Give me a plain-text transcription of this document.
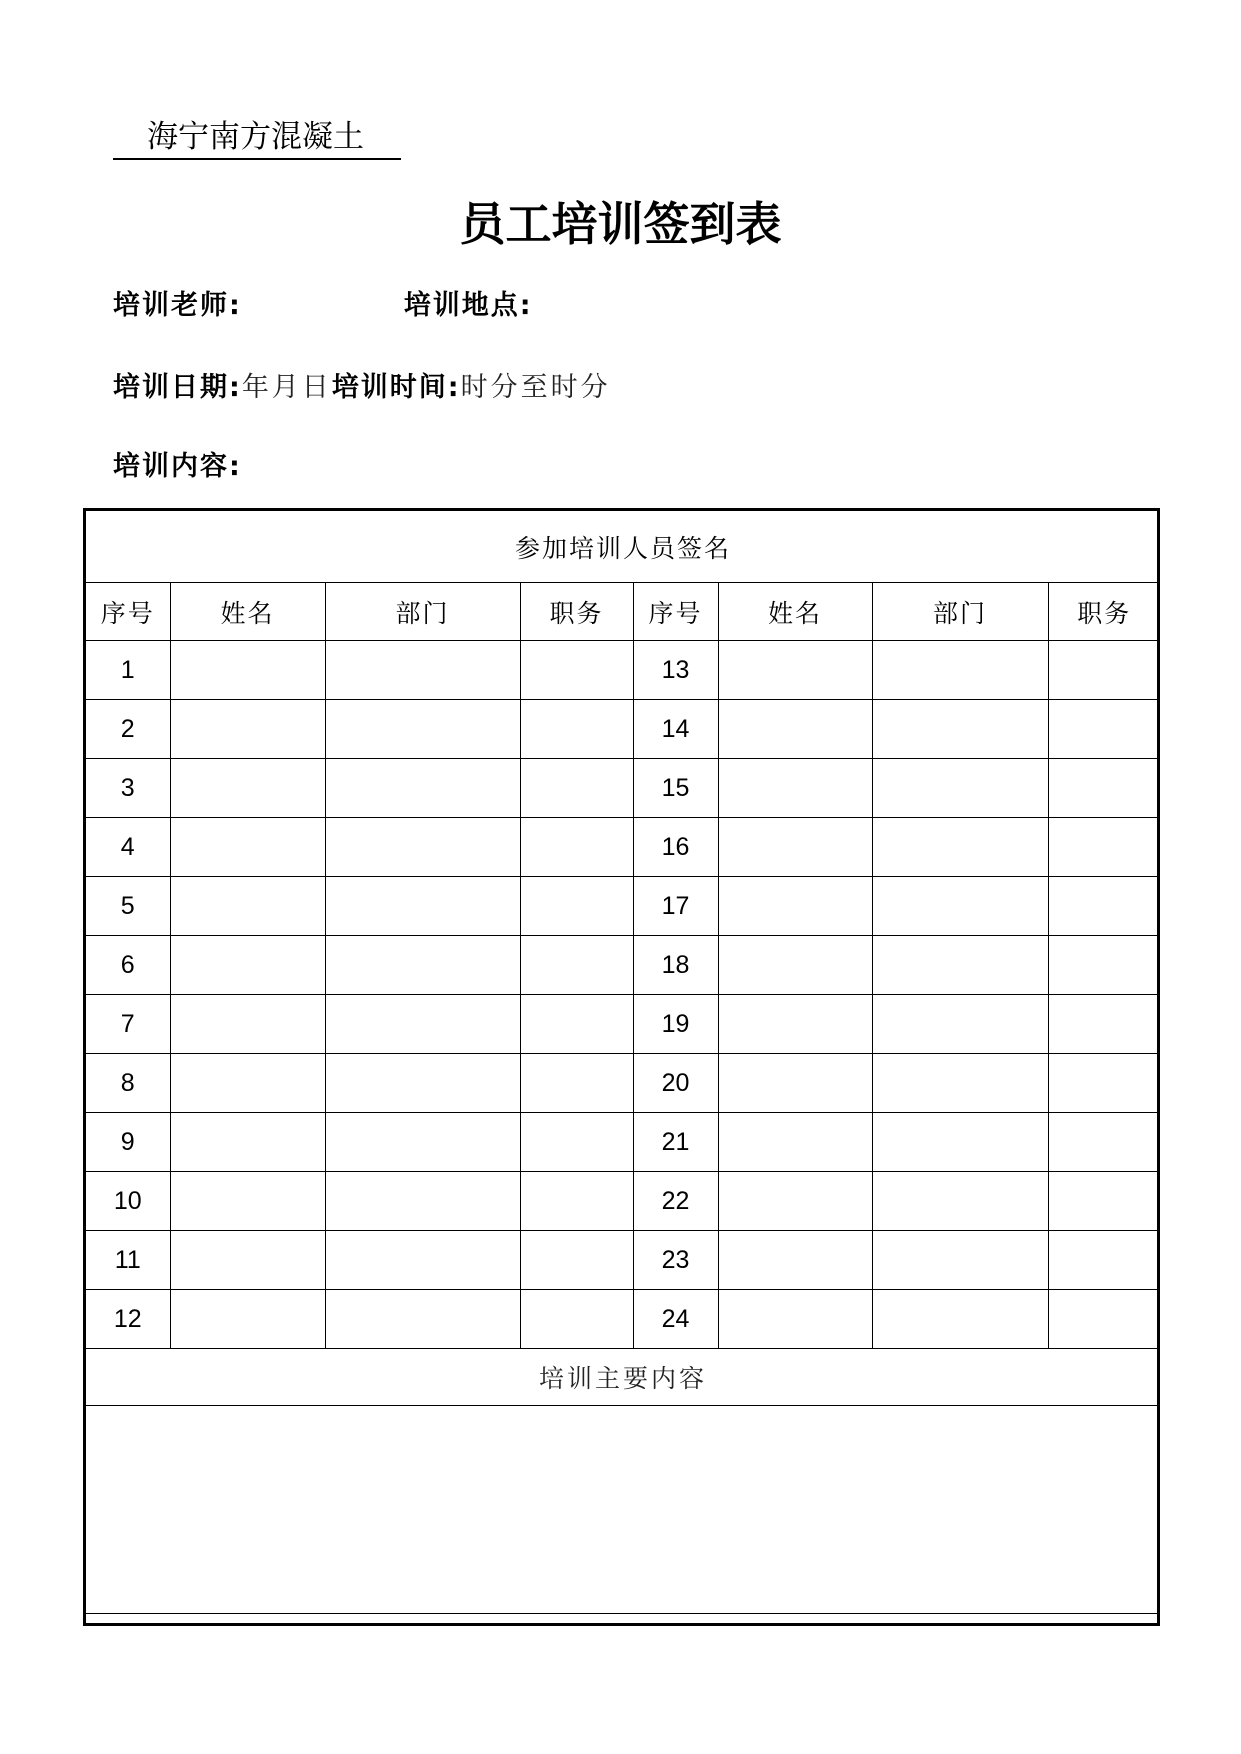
海宁南方混凝土
员工培训签到表
培训老师:	培训地点:
培训日期:年月日培训时间:时分至时分
培训内容:
参加培训人员签名							
序号	姓名	部门	职务	序号	姓名	部门	职务
1				13			
2				14			
3				15			
4				16			
5				17			
6				18			
7				19			
8				20			
9				21			
10				22			
11				23			
12				24			
培训主要内容							
